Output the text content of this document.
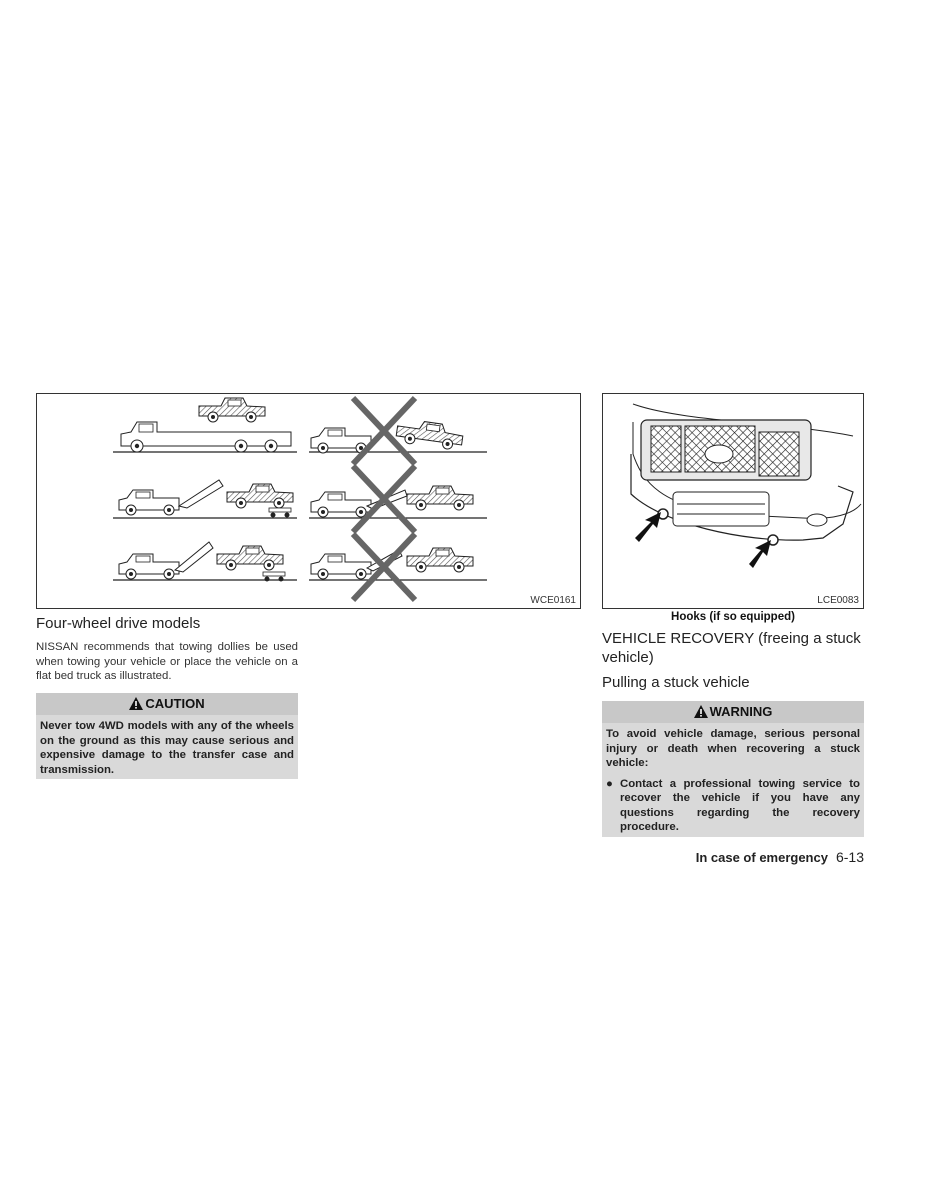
WCE0161	LCE0083
Hooks (if so equipped)
Four-wheel drive models
NISSAN recommends that towing dollies be used when towing your vehicle or place the vehicle on a flat bed truck as illustrated.
CAUTION
Never tow 4WD models with any of the wheels on the ground as this may cause serious and expensive damage to the transfer case and transmission.
VEHICLE RECOVERY (freeing a stuck vehicle)
Pulling a stuck vehicle
WARNING
To avoid vehicle damage, serious personal injury or death when recovering a stuck vehicle:
● Contact a professional towing service to recover the vehicle if you have any questions regarding the recovery procedure.
In case of emergency 6-13
